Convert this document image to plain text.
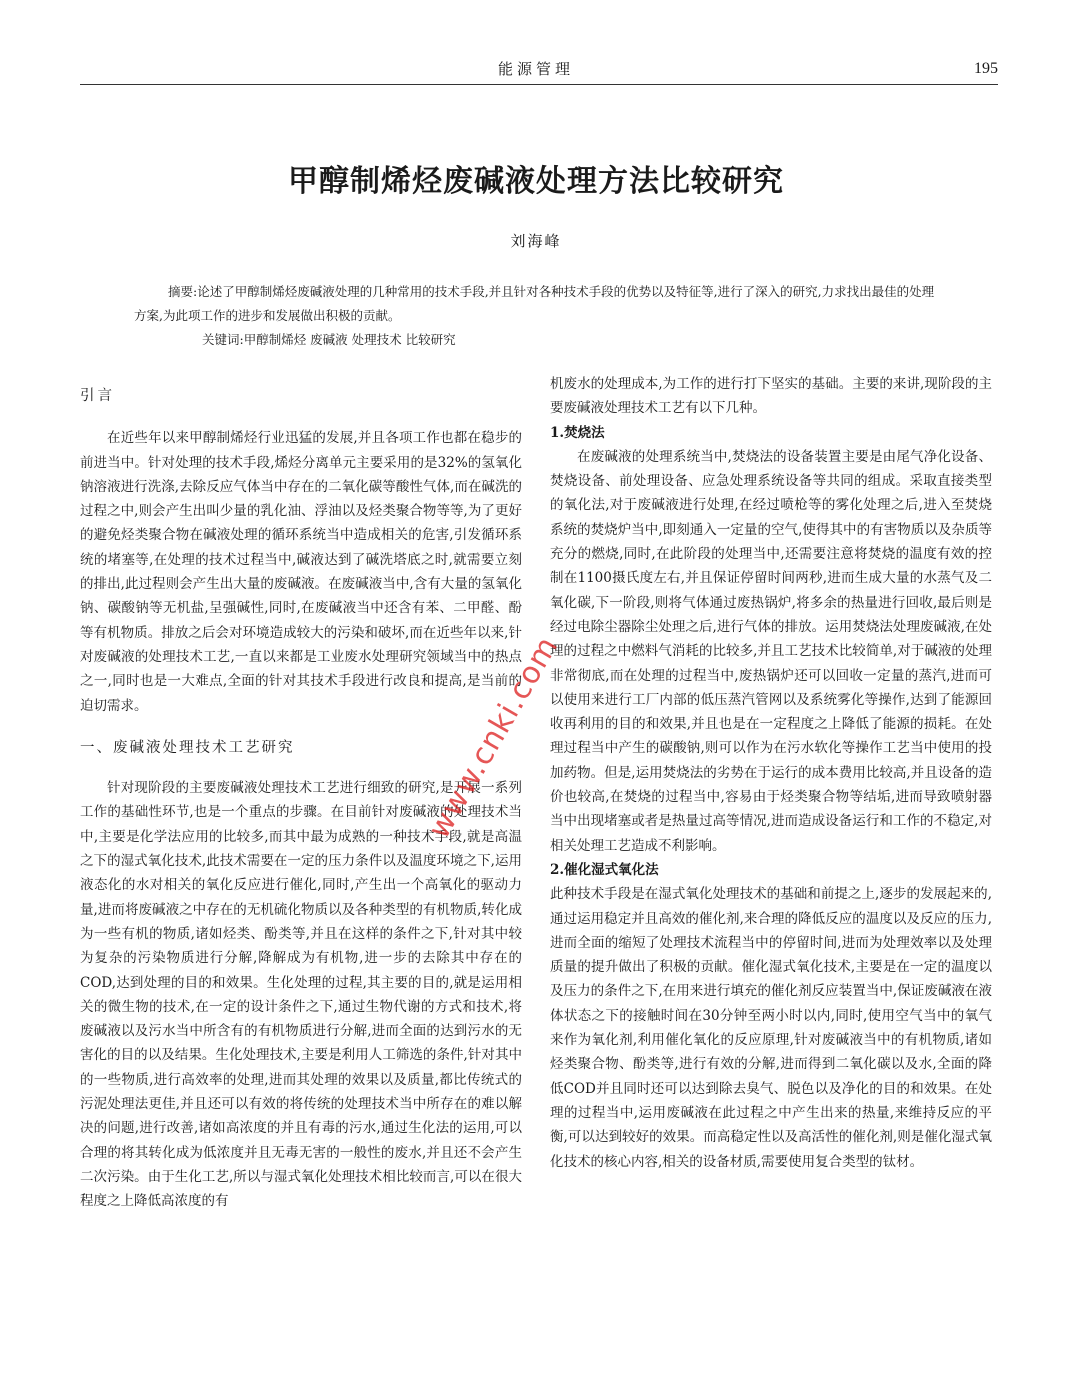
能源管理	195
甲醇制烯烃废碱液处理方法比较研究
刘海峰

摘要:论述了甲醇制烯烃废碱液处理的几种常用的技术手段,并且针对各种技术手段的优势以及特征等,进行了深入的研究,力求找出最佳的处理方案,为此项工作的进步和发展做出积极的贡献。

关键词:甲醇制烯烃 废碱液 处理技术 比较研究

引言

在近些年以来甲醇制烯烃行业迅猛的发展,并且各项工作也都在稳步的前进当中。针对处理的技术手段,烯烃分离单元主要采用的是32%的氢氧化钠溶液进行洗涤,去除反应气体当中存在的二氧化碳等酸性气体,而在碱洗的过程之中,则会产生出叫少量的乳化油、浮油以及烃类聚合物等等,为了更好的避免烃类聚合物在碱液处理的循环系统当中造成相关的危害,引发循环系统的堵塞等,在处理的技术过程当中,碱液达到了碱洗塔底之时,就需要立刻的排出,此过程则会产生出大量的废碱液。在废碱液当中,含有大量的氢氧化钠、碳酸钠等无机盐,呈强碱性,同时,在废碱液当中还含有苯、二甲醛、酚等有机物质。排放之后会对环境造成较大的污染和破坏,而在近些年以来,针对废碱液的处理技术工艺,一直以来都是工业废水处理研究领域当中的热点之一,同时也是一大难点,全面的针对其技术手段进行改良和提高,是当前的迫切需求。

一、废碱液处理技术工艺研究

针对现阶段的主要废碱液处理技术工艺进行细致的研究,是开展一系列工作的基础性环节,也是一个重点的步骤。在目前针对废碱液的处理技术当中,主要是化学法应用的比较多,而其中最为成熟的一种技术手段,就是高温之下的湿式氧化技术,此技术需要在一定的压力条件以及温度环境之下,运用液态化的水对相关的氧化反应进行催化,同时,产生出一个高氧化的驱动力量,进而将废碱液之中存在的无机硫化物质以及各种类型的有机物质,转化成为一些有机的物质,诸如烃类、酚类等,并且在这样的条件之下,针对其中较为复杂的污染物质进行分解,降解成为有机物,进一步的去除其中存在的COD,达到处理的目的和效果。生化处理的过程,其主要的目的,就是运用相关的微生物的技术,在一定的设计条件之下,通过生物代谢的方式和技术,将废碱液以及污水当中所含有的有机物质进行分解,进而全面的达到污水的无害化的目的以及结果。生化处理技术,主要是利用人工筛选的条件,针对其中的一些物质,进行高效率的处理,进而其处理的效果以及质量,都比传统式的污泥处理法更佳,并且还可以有效的将传统的处理技术当中所存在的难以解决的问题,进行改善,诸如高浓度的并且有毒的污水,通过生化法的运用,可以合理的将其转化成为低浓度并且无毒无害的一般性的废水,并且还不会产生二次污染。由于生化工艺,所以与湿式氧化处理技术相比较而言,可以在很大程度之上降低高浓度的有

机废水的处理成本,为工作的进行打下坚实的基础。主要的来讲,现阶段的主要废碱液处理技术工艺有以下几种。

1.焚烧法

在废碱液的处理系统当中,焚烧法的设备装置主要是由尾气净化设备、焚烧设备、前处理设备、应急处理系统设备等共同的组成。采取直接类型的氧化法,对于废碱液进行处理,在经过喷枪等的雾化处理之后,进入至焚烧系统的焚烧炉当中,即刻通入一定量的空气,使得其中的有害物质以及杂质等充分的燃烧,同时,在此阶段的处理当中,还需要注意将焚烧的温度有效的控制在1100摄氏度左右,并且保证停留时间两秒,进而生成大量的水蒸气及二氧化碳,下一阶段,则将气体通过废热锅炉,将多余的热量进行回收,最后则是经过电除尘器除尘处理之后,进行气体的排放。运用焚烧法处理废碱液,在处理的过程之中燃料气消耗的比较多,并且工艺技术比较简单,对于碱液的处理非常彻底,而在处理的过程当中,废热锅炉还可以回收一定量的蒸汽,进而可以使用来进行工厂内部的低压蒸汽管网以及系统雾化等操作,达到了能源回收再利用的目的和效果,并且也是在一定程度之上降低了能源的损耗。在处理过程当中产生的碳酸钠,则可以作为在污水软化等操作工艺当中使用的投加药物。但是,运用焚烧法的劣势在于运行的成本费用比较高,并且设备的造价也较高,在焚烧的过程当中,容易由于烃类聚合物等结垢,进而导致喷射器当中出现堵塞或者是热量过高等情况,进而造成设备运行和工作的不稳定,对相关处理工艺造成不利影响。

2.催化湿式氧化法

此种技术手段是在湿式氧化处理技术的基础和前提之上,逐步的发展起来的,通过运用稳定并且高效的催化剂,来合理的降低反应的温度以及反应的压力,进而全面的缩短了处理技术流程当中的停留时间,进而为处理效率以及处理质量的提升做出了积极的贡献。催化湿式氧化技术,主要是在一定的温度以及压力的条件之下,在用来进行填充的催化剂反应装置当中,保证废碱液在液体状态之下的接触时间在30分钟至两小时以内,同时,使用空气当中的氧气来作为氧化剂,利用催化氧化的反应原理,针对废碱液当中的有机物质,诸如烃类聚合物、酚类等,进行有效的分解,进而得到二氧化碳以及水,全面的降低COD并且同时还可以达到除去臭气、脱色以及净化的目的和效果。在处理的过程当中,运用废碱液在此过程之中产生出来的热量,来维持反应的平衡,可以达到较好的效果。而高稳定性以及高活性的催化剂,则是催化湿式氧化技术的核心内容,相关的设备材质,需要使用复合类型的钛材。

www.cnki.com
